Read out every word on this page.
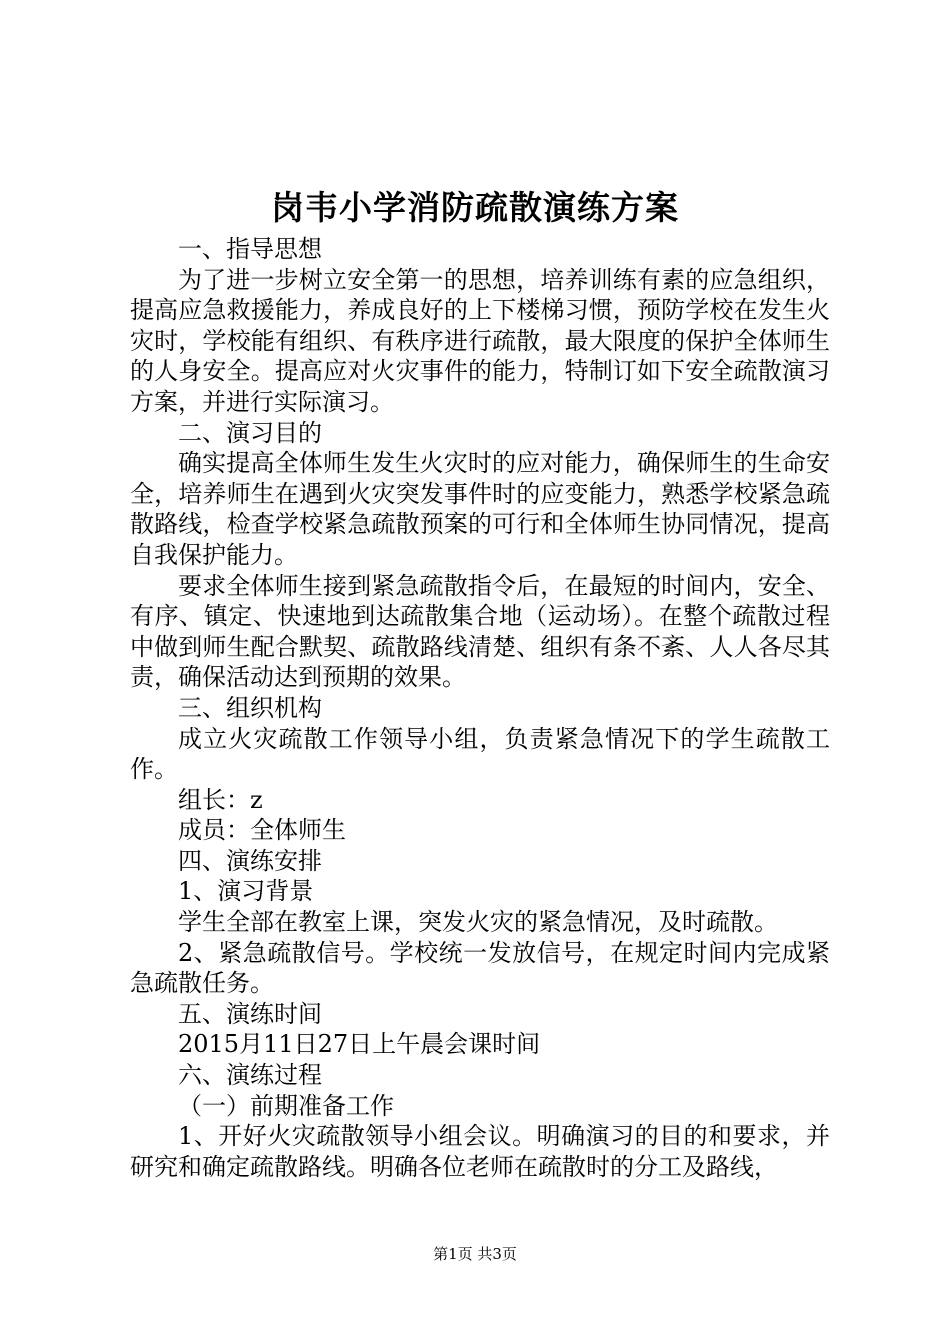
岗韦小学消防疏散演练方案

一、指导思想

为了进一步树立安全第一的思想，培养训练有素的应急组织，提高应急救援能力，养成良好的上下楼梯习惯，预防学校在发生火灾时，学校能有组织、有秩序进行疏散，最大限度的保护全体师生的人身安全。提高应对火灾事件的能力，特制订如下安全疏散演习方案，并进行实际演习。

二、演习目的

确实提高全体师生发生火灾时的应对能力，确保师生的生命安全，培养师生在遇到火灾突发事件时的应变能力，熟悉学校紧急疏散路线，检查学校紧急疏散预案的可行和全体师生协同情况，提高自我保护能力。

要求全体师生接到紧急疏散指令后，在最短的时间内，安全、有序、镇定、快速地到达疏散集合地（运动场）。在整个疏散过程中做到师生配合默契、疏散路线清楚、组织有条不紊、人人各尽其责，确保活动达到预期的效果。

三、组织机构

成立火灾疏散工作领导小组，负责紧急情况下的学生疏散工作。

组长：z

成员：全体师生

四、演练安排

1、演习背景

学生全部在教室上课，突发火灾的紧急情况，及时疏散。

2、紧急疏散信号。学校统一发放信号，在规定时间内完成紧急疏散任务。

五、演练时间

2015月11日27日上午晨会课时间

六、演练过程

（一）前期准备工作

1、开好火灾疏散领导小组会议。明确演习的目的和要求，并研究和确定疏散路线。明确各位老师在疏散时的分工及路线，

第1页 共3页
